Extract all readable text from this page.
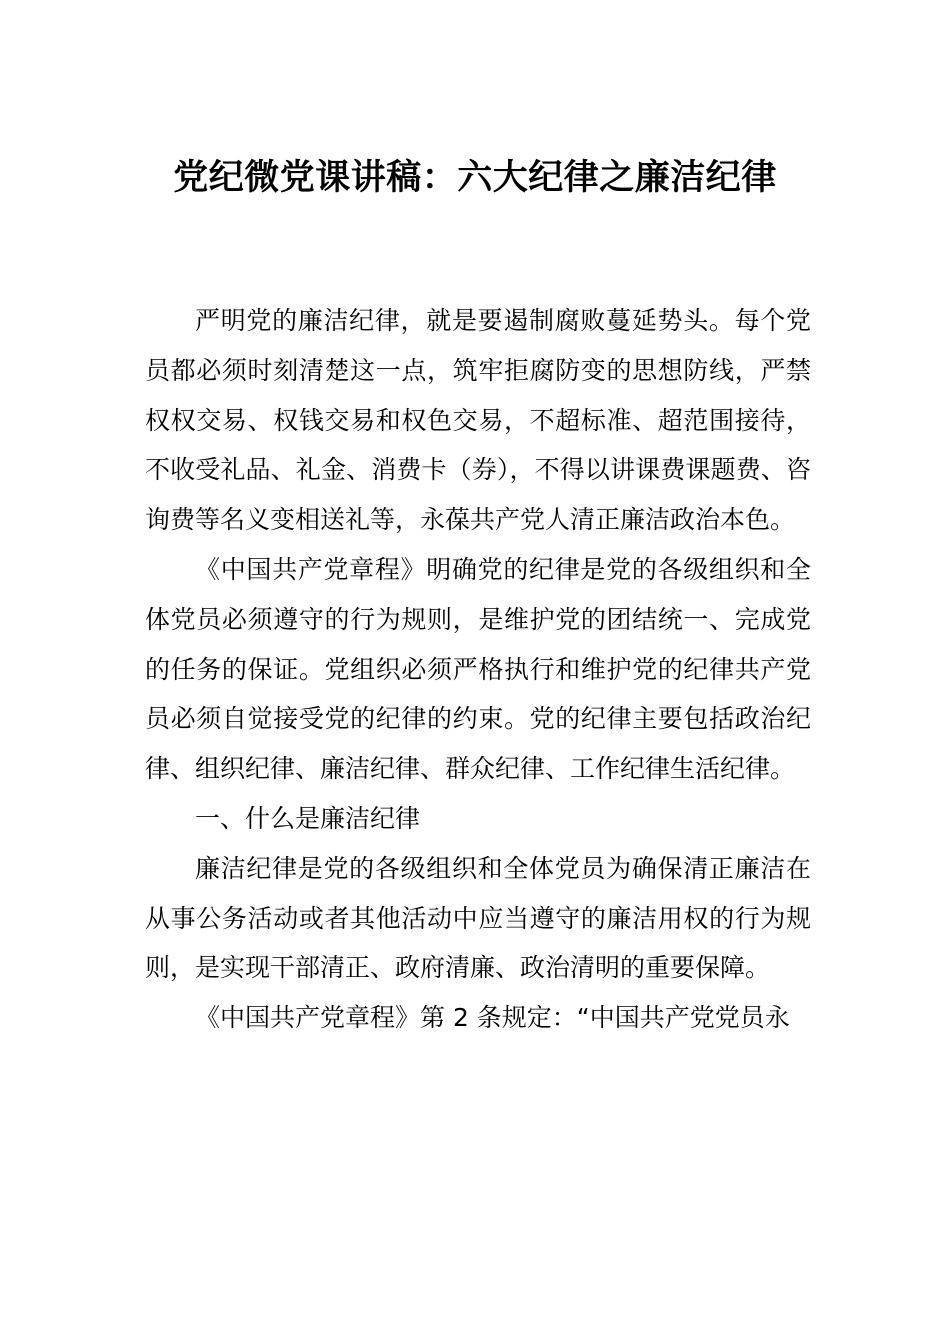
党纪微党课讲稿：六大纪律之廉洁纪律

严明党的廉洁纪律，就是要遏制腐败蔓延势头。每个党员都必须时刻清楚这一点，筑牢拒腐防变的思想防线，严禁权权交易、权钱交易和权色交易，不超标准、超范围接待，不收受礼品、礼金、消费卡（券），不得以讲课费课题费、咨询费等名义变相送礼等，永葆共产党人清正廉洁政治本色。

《中国共产党章程》明确党的纪律是党的各级组织和全体党员必须遵守的行为规则，是维护党的团结统一、完成党的任务的保证。党组织必须严格执行和维护党的纪律共产党员必须自觉接受党的纪律的约束。党的纪律主要包括政治纪律、组织纪律、廉洁纪律、群众纪律、工作纪律生活纪律。

一、什么是廉洁纪律

廉洁纪律是党的各级组织和全体党员为确保清正廉洁在从事公务活动或者其他活动中应当遵守的廉洁用权的行为规则，是实现干部清正、政府清廉、政治清明的重要保障。

《中国共产党章程》第 2 条规定：“中国共产党党员永
